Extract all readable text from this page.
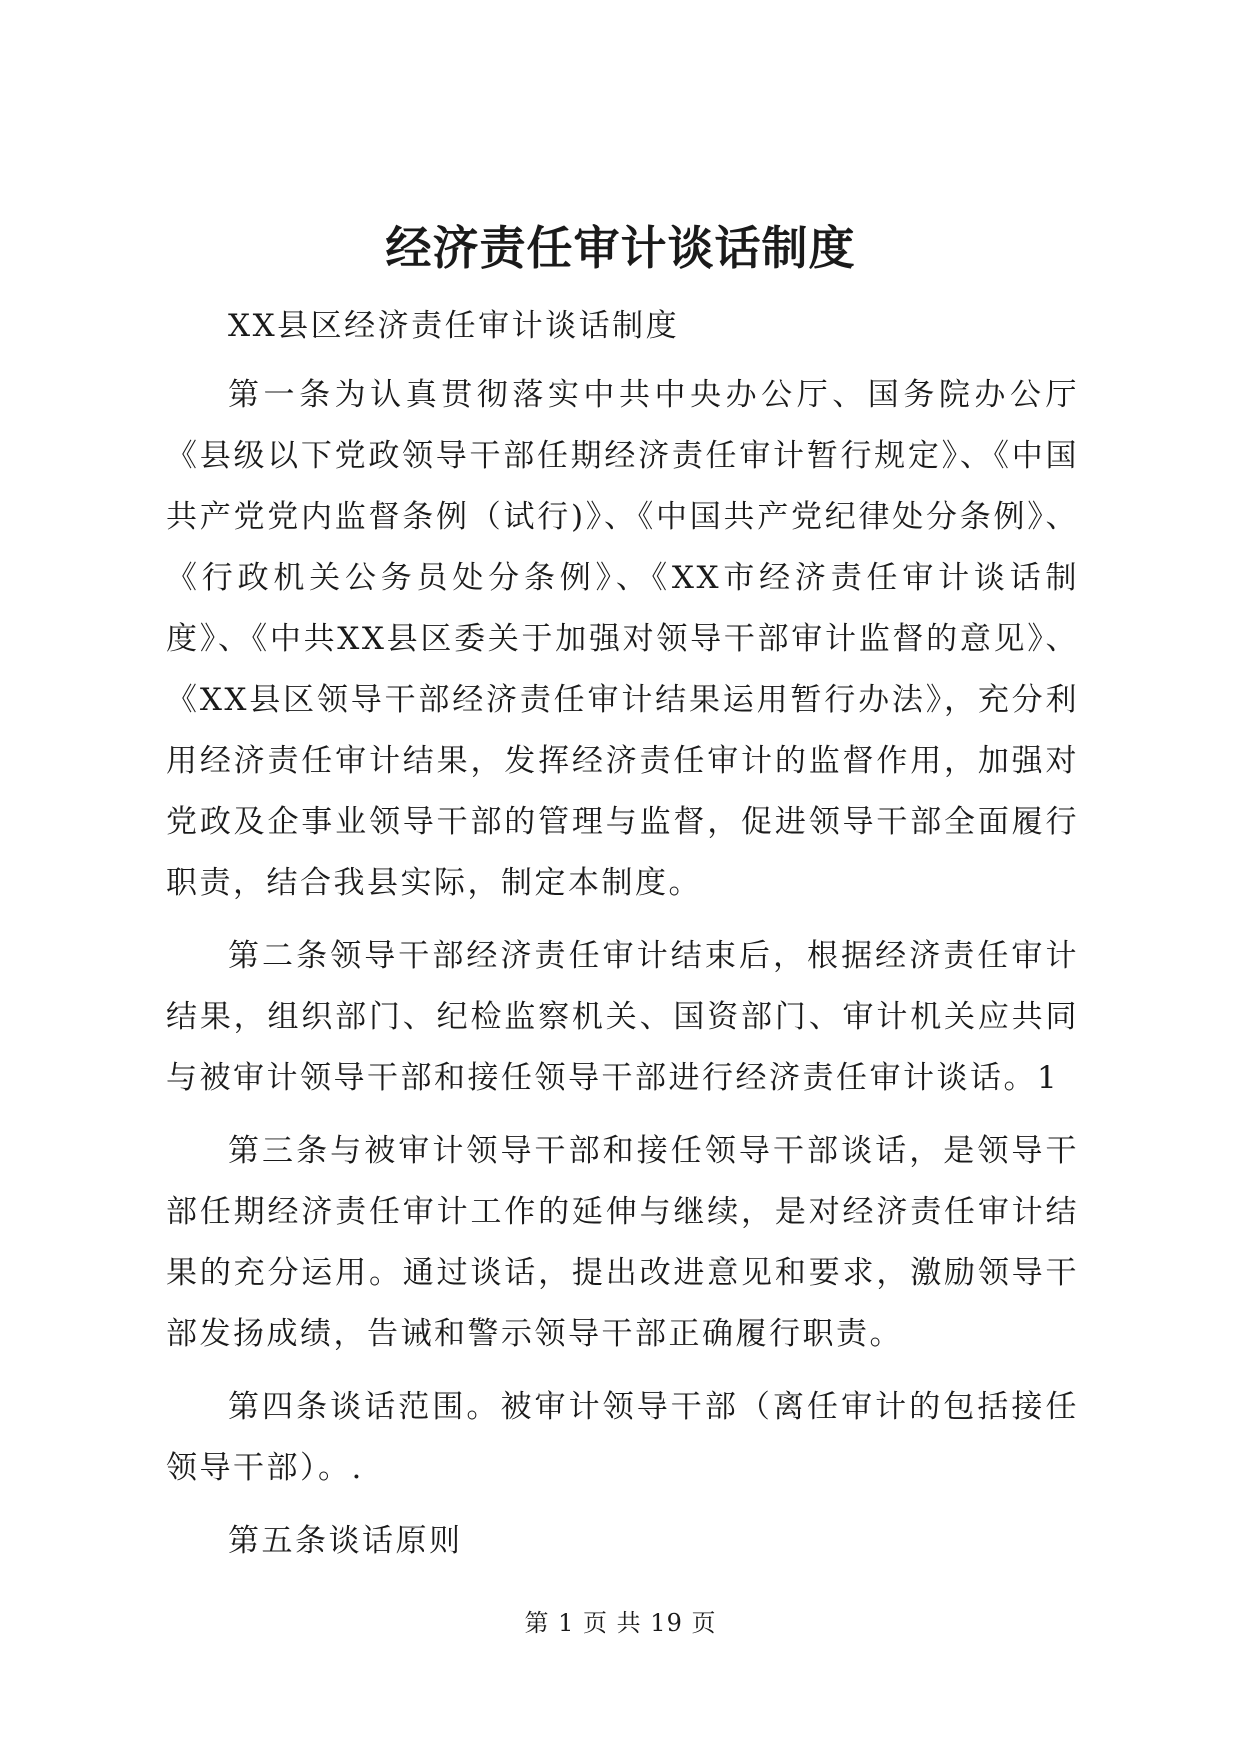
经济责任审计谈话制度

XX县区经济责任审计谈话制度

第一条为认真贯彻落实中共中央办公厅、国务院办公厅《县级以下党政领导干部任期经济责任审计暂行规定》、《中国共产党党内监督条例（试行)》、《中国共产党纪律处分条例》、《行政机关公务员处分条例》、《XX市经济责任审计谈话制度》、《中共XX县区委关于加强对领导干部审计监督的意见》、《XX县区领导干部经济责任审计结果运用暂行办法》，充分利用经济责任审计结果，发挥经济责任审计的监督作用，加强对党政及企事业领导干部的管理与监督，促进领导干部全面履行职责，结合我县实际，制定本制度。

第二条领导干部经济责任审计结束后，根据经济责任审计结果，组织部门、纪检监察机关、国资部门、审计机关应共同与被审计领导干部和接任领导干部进行经济责任审计谈话。1

第三条与被审计领导干部和接任领导干部谈话，是领导干部任期经济责任审计工作的延伸与继续，是对经济责任审计结果的充分运用。通过谈话，提出改进意见和要求，激励领导干部发扬成绩，告诫和警示领导干部正确履行职责。

第四条谈话范围。被审计领导干部（离任审计的包括接任领导干部）。.

第五条谈话原则

第 1 页 共 19 页
